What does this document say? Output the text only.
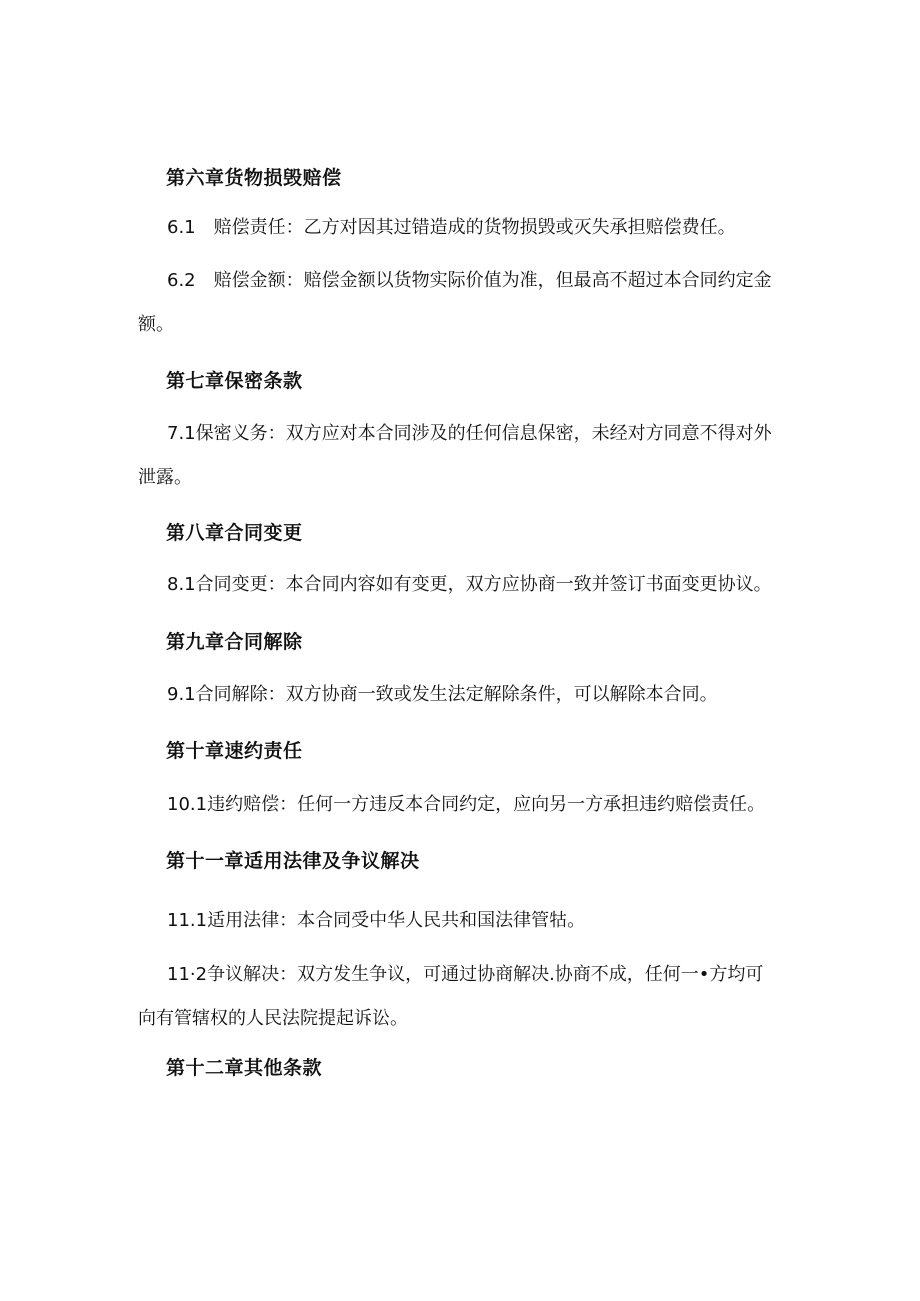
第六章货物损毁赔偿
6.1　赔偿责任：乙方对因其过错造成的货物损毁或灭失承担赔偿费任。
6.2　赔偿金额：赔偿金额以货物实际价值为准，但最高不超过本合同约定金
额。
第七章保密条款
7.1保密义务：双方应对本合同涉及的任何信息保密，未经对方同意不得对外
泄露。
第八章合同变更
8.1合同变更：本合同内容如有变更，双方应协商一致并签订书面变更协议。
第九章合同解除
9.1合同解除：双方协商一致或发生法定解除条件，可以解除本合同。
第十章速约责任
10.1违约赔偿：任何一方违反本合同约定，应向另一方承担违约赔偿责任。
第十一章适用法律及争议解决
11.1适用法律：本合同受中华人民共和国法律管牯。
11·2争议解决：双方发生争议，可通过协商解决.协商不成，任何一•方均可
向有管辖权的人民法院提起诉讼。
第十二章其他条款
